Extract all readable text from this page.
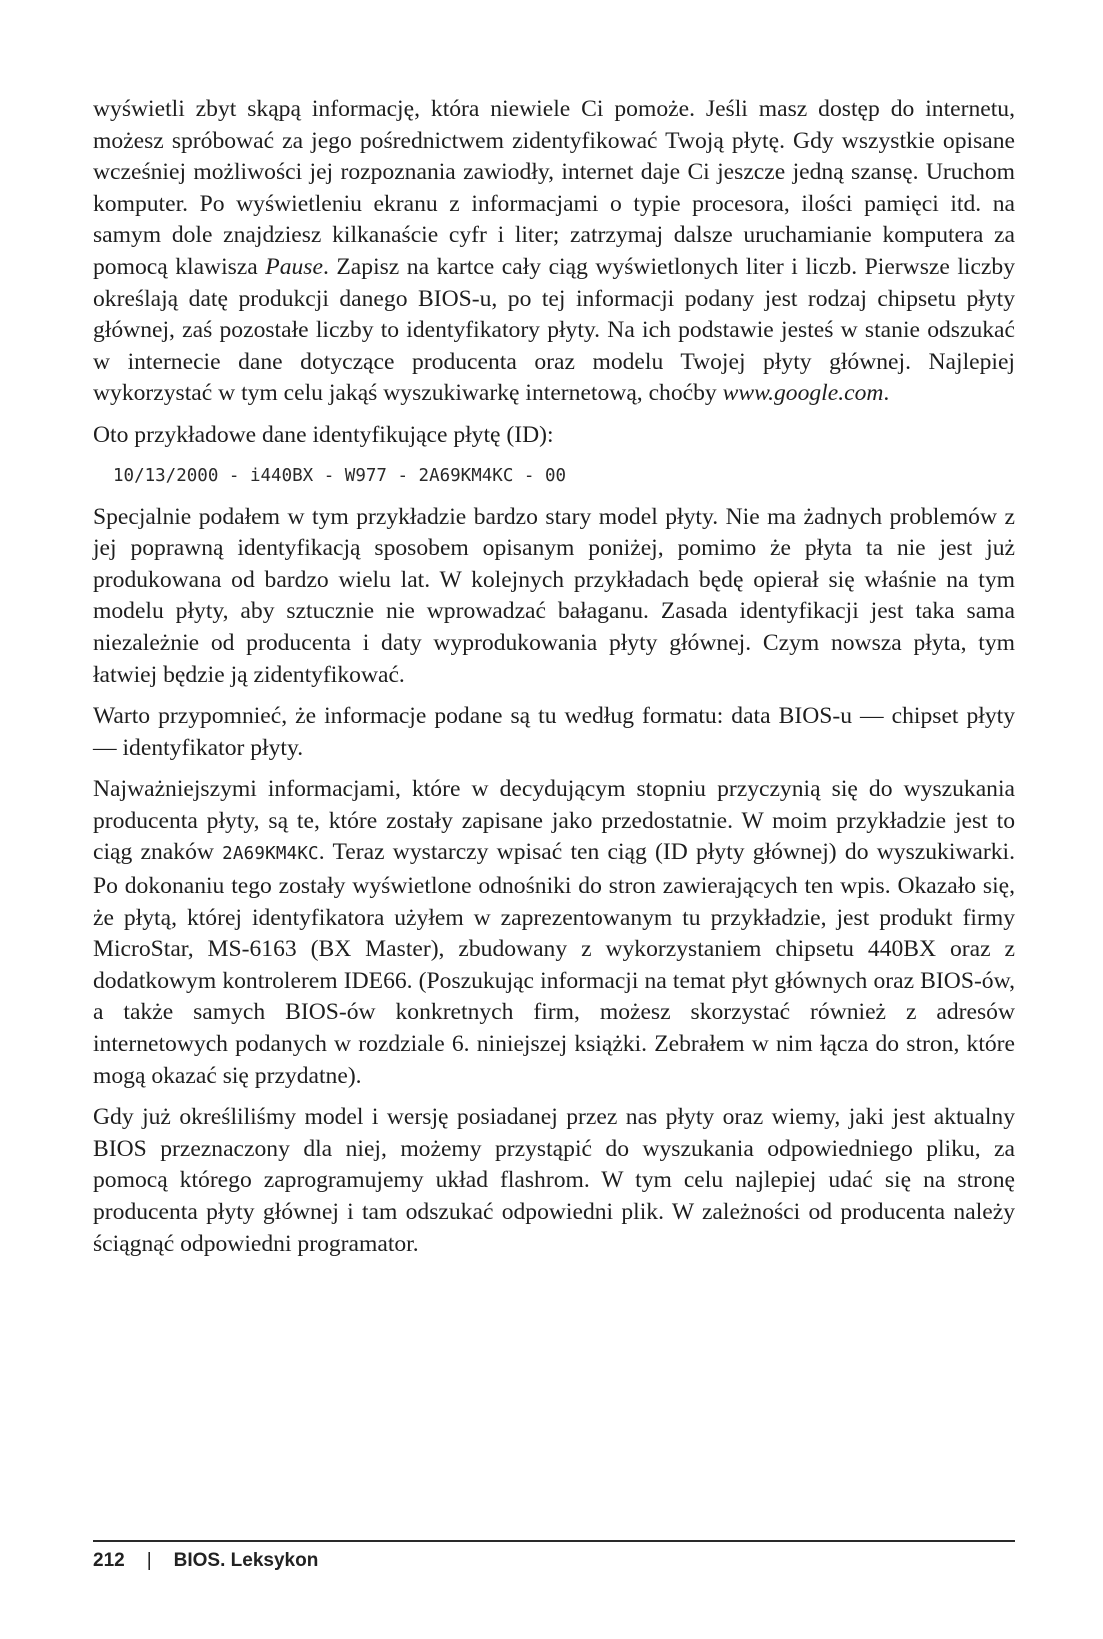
wyświetli zbyt skąpą informację, która niewiele Ci pomoże. Jeśli masz dostęp do internetu, możesz spróbować za jego pośrednictwem zidentyfikować Twoją płytę. Gdy wszystkie opisane wcześniej możliwości jej rozpoznania zawiodły, internet daje Ci jeszcze jedną szansę. Uruchom komputer. Po wyświetleniu ekranu z informacjami o typie procesora, ilości pamięci itd. na samym dole znajdziesz kilkanaście cyfr i liter; zatrzymaj dalsze uruchamianie komputera za pomocą klawisza Pause. Zapisz na kartce cały ciąg wyświetlonych liter i liczb. Pierwsze liczby określają datę produkcji danego BIOS-u, po tej informacji podany jest rodzaj chipsetu płyty głównej, zaś pozostałe liczby to identyfikatory płyty. Na ich podstawie jesteś w stanie odszukać w internecie dane dotyczące producenta oraz modelu Twojej płyty głównej. Najlepiej wykorzystać w tym celu jakąś wyszukiwarkę internetową, choćby www.google.com.

Oto przykładowe dane identyfikujące płytę (ID):

10/13/2000 - i440BX - W977 - 2A69KM4KC - 00

Specjalnie podałem w tym przykładzie bardzo stary model płyty. Nie ma żadnych problemów z jej poprawną identyfikacją sposobem opisanym poniżej, pomimo że płyta ta nie jest już produkowana od bardzo wielu lat. W kolejnych przykładach będę opierał się właśnie na tym modelu płyty, aby sztucznie nie wprowadzać bałaganu. Zasada identyfikacji jest taka sama niezależnie od producenta i daty wyprodukowania płyty głównej. Czym nowsza płyta, tym łatwiej będzie ją zidentyfikować.

Warto przypomnieć, że informacje podane są tu według formatu: data BIOS-u — chipset płyty — identyfikator płyty.

Najważniejszymi informacjami, które w decydującym stopniu przyczynią się do wyszukania producenta płyty, są te, które zostały zapisane jako przedostatnie. W moim przykładzie jest to ciąg znaków 2A69KM4KC. Teraz wystarczy wpisać ten ciąg (ID płyty głównej) do wyszukiwarki. Po dokonaniu tego zostały wyświetlone odnośniki do stron zawierających ten wpis. Okazało się, że płytą, której identyfikatora użyłem w zaprezentowanym tu przykładzie, jest produkt firmy MicroStar, MS-6163 (BX Master), zbudowany z wykorzystaniem chipsetu 440BX oraz z dodatkowym kontrolerem IDE66. (Poszukując informacji na temat płyt głównych oraz BIOS-ów, a także samych BIOS-ów konkretnych firm, możesz skorzystać również z adresów internetowych podanych w rozdziale 6. niniejszej książki. Zebrałem w nim łącza do stron, które mogą okazać się przydatne).

Gdy już określiliśmy model i wersję posiadanej przez nas płyty oraz wiemy, jaki jest aktualny BIOS przeznaczony dla niej, możemy przystąpić do wyszukania odpowiedniego pliku, za pomocą którego zaprogramujemy układ flashrom. W tym celu najlepiej udać się na stronę producenta płyty głównej i tam odszukać odpowiedni plik. W zależności od producenta należy ściągnąć odpowiedni programator.

212 | BIOS. Leksykon
